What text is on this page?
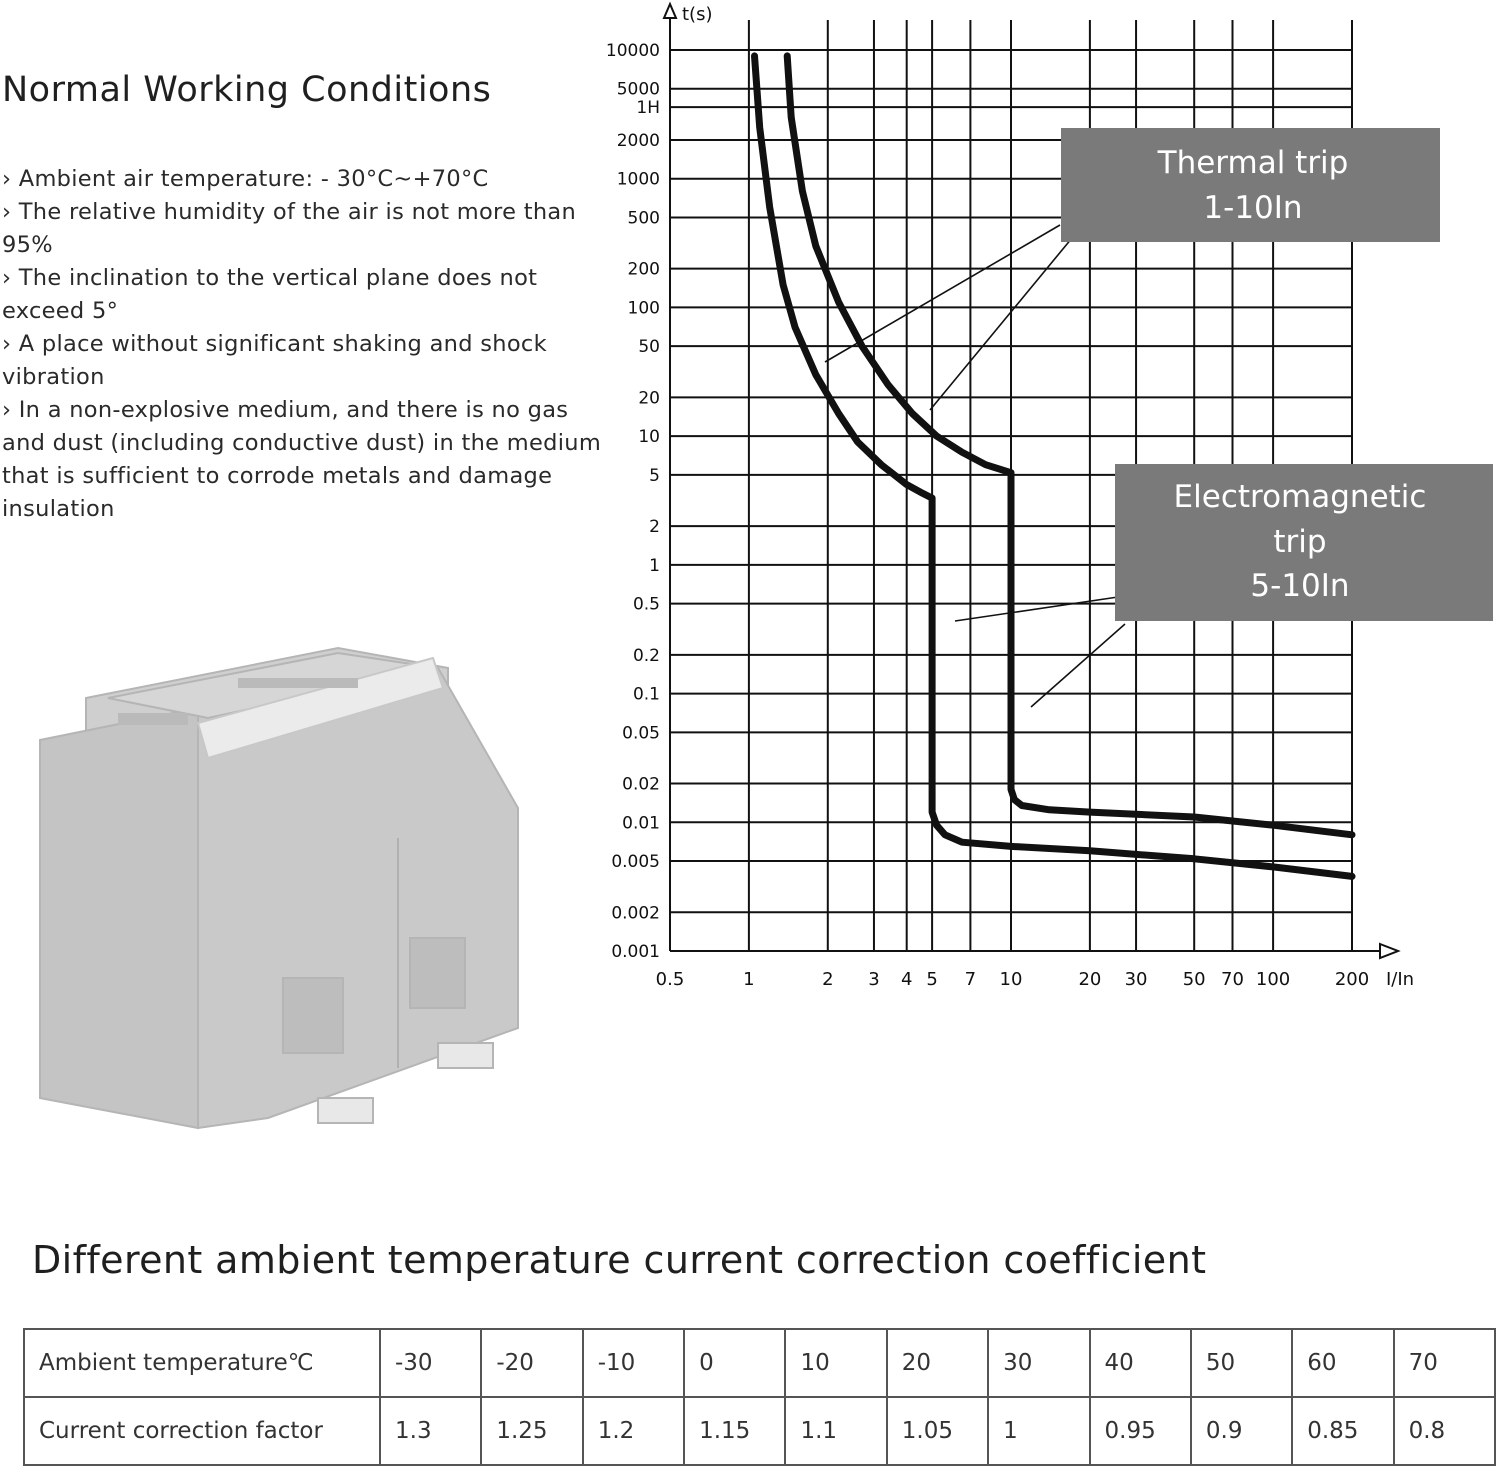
Normal Working Conditions
› Ambient air temperature: - 30°C~+70°C
› The relative humidity of the air is not more than 95%
› The inclination to the vertical plane does not exceed 5°
› A place without significant shaking and shock vibration
› In a non-explosive medium, and there is no gas and dust (including conductive dust) in the medium that is sufficient to corrode metals and damage insulation
10000
5000
1H
2000
1000
500
200
100
50
20
10
5
2
1
0.5
0.2
0.1
0.05
0.02
0.01
0.005
0.002
0.001
0.5	1	2 3 4 5 7 10	20 30 50 70 100 200
t(s)
I/In
Thermal trip
1-10In
Electromagnetic
trip
5-10In
Different ambient temperature current correction coefficient
Ambient temperature℃	-30	-20	-10	0	10	20	30	40	50	60	70
Current correction factor	1.3	1.25	1.2	1.15	1.1	1.05	1	0.95	0.9	0.85	0.8
